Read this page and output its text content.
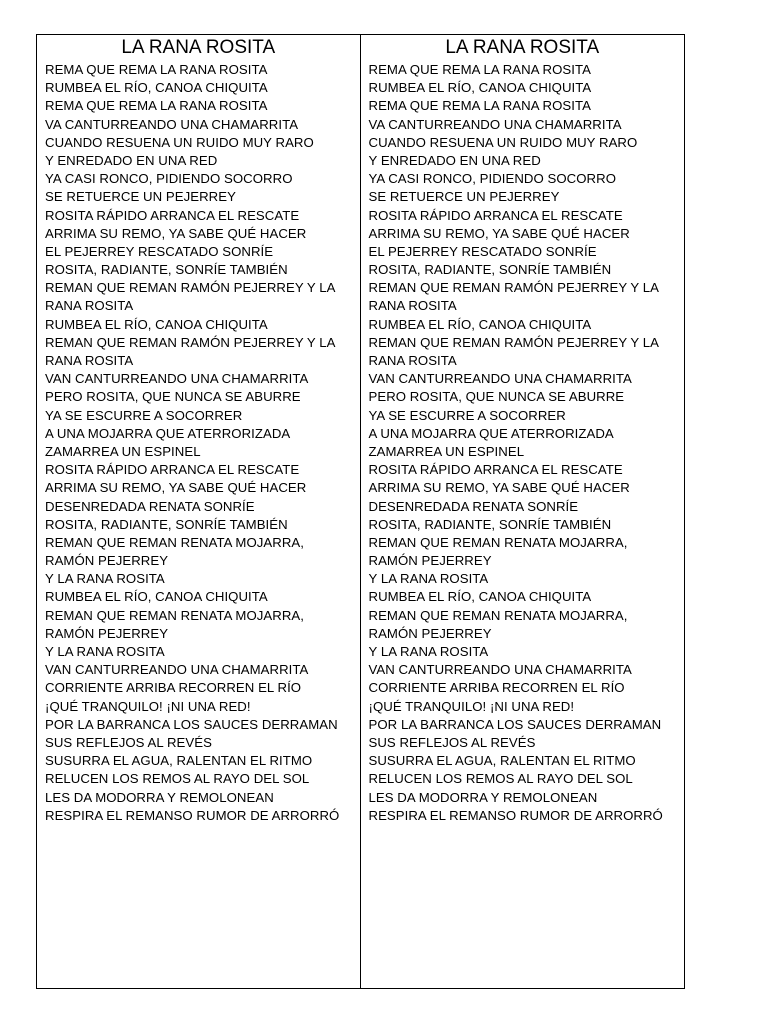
LA RANA ROSITA
REMA QUE REMA LA RANA ROSITA
RUMBEA EL RÍO, CANOA CHIQUITA
REMA QUE REMA LA RANA ROSITA
VA CANTURREANDO UNA CHAMARRITA
CUANDO RESUENA UN RUIDO MUY RARO
Y ENREDADO EN UNA RED
YA CASI RONCO, PIDIENDO SOCORRO
SE RETUERCE UN PEJERREY
ROSITA RÁPIDO ARRANCA EL RESCATE
ARRIMA SU REMO, YA SABE QUÉ HACER
EL PEJERREY RESCATADO SONRÍE
ROSITA, RADIANTE, SONRÍE TAMBIÉN
REMAN QUE REMAN RAMÓN PEJERREY Y LA
RANA ROSITA
RUMBEA EL RÍO, CANOA CHIQUITA
REMAN QUE REMAN RAMÓN PEJERREY Y LA
RANA ROSITA
VAN CANTURREANDO UNA CHAMARRITA
PERO ROSITA, QUE NUNCA SE ABURRE
YA SE ESCURRE A SOCORRER
A UNA MOJARRA QUE ATERRORIZADA
ZAMARREA UN ESPINEL
ROSITA RÁPIDO ARRANCA EL RESCATE
ARRIMA SU REMO, YA SABE QUÉ HACER
DESENREDADA RENATA SONRÍE
ROSITA, RADIANTE, SONRÍE TAMBIÉN
REMAN QUE REMAN RENATA MOJARRA,
RAMÓN PEJERREY
Y LA RANA ROSITA
RUMBEA EL RÍO, CANOA CHIQUITA
REMAN QUE REMAN RENATA MOJARRA,
RAMÓN PEJERREY
Y LA RANA ROSITA
VAN CANTURREANDO UNA CHAMARRITA
CORRIENTE ARRIBA RECORREN EL RÍO
¡QUÉ TRANQUILO! ¡NI UNA RED!
POR LA BARRANCA LOS SAUCES DERRAMAN
SUS REFLEJOS AL REVÉS
SUSURRA EL AGUA, RALENTAN EL RITMO
RELUCEN LOS REMOS AL RAYO DEL SOL
LES DA MODORRA Y REMOLONEAN
RESPIRA EL REMANSO RUMOR DE ARRORRÓ
LA RANA ROSITA
REMA QUE REMA LA RANA ROSITA
RUMBEA EL RÍO, CANOA CHIQUITA
REMA QUE REMA LA RANA ROSITA
VA CANTURREANDO UNA CHAMARRITA
CUANDO RESUENA UN RUIDO MUY RARO
Y ENREDADO EN UNA RED
YA CASI RONCO, PIDIENDO SOCORRO
SE RETUERCE UN PEJERREY
ROSITA RÁPIDO ARRANCA EL RESCATE
ARRIMA SU REMO, YA SABE QUÉ HACER
EL PEJERREY RESCATADO SONRÍE
ROSITA, RADIANTE, SONRÍE TAMBIÉN
REMAN QUE REMAN RAMÓN PEJERREY Y LA
RANA ROSITA
RUMBEA EL RÍO, CANOA CHIQUITA
REMAN QUE REMAN RAMÓN PEJERREY Y LA
RANA ROSITA
VAN CANTURREANDO UNA CHAMARRITA
PERO ROSITA, QUE NUNCA SE ABURRE
YA SE ESCURRE A SOCORRER
A UNA MOJARRA QUE ATERRORIZADA
ZAMARREA UN ESPINEL
ROSITA RÁPIDO ARRANCA EL RESCATE
ARRIMA SU REMO, YA SABE QUÉ HACER
DESENREDADA RENATA SONRÍE
ROSITA, RADIANTE, SONRÍE TAMBIÉN
REMAN QUE REMAN RENATA MOJARRA,
RAMÓN PEJERREY
Y LA RANA ROSITA
RUMBEA EL RÍO, CANOA CHIQUITA
REMAN QUE REMAN RENATA MOJARRA,
RAMÓN PEJERREY
Y LA RANA ROSITA
VAN CANTURREANDO UNA CHAMARRITA
CORRIENTE ARRIBA RECORREN EL RÍO
¡QUÉ TRANQUILO! ¡NI UNA RED!
POR LA BARRANCA LOS SAUCES DERRAMAN
SUS REFLEJOS AL REVÉS
SUSURRA EL AGUA, RALENTAN EL RITMO
RELUCEN LOS REMOS AL RAYO DEL SOL
LES DA MODORRA Y REMOLONEAN
RESPIRA EL REMANSO RUMOR DE ARRORRÓ
